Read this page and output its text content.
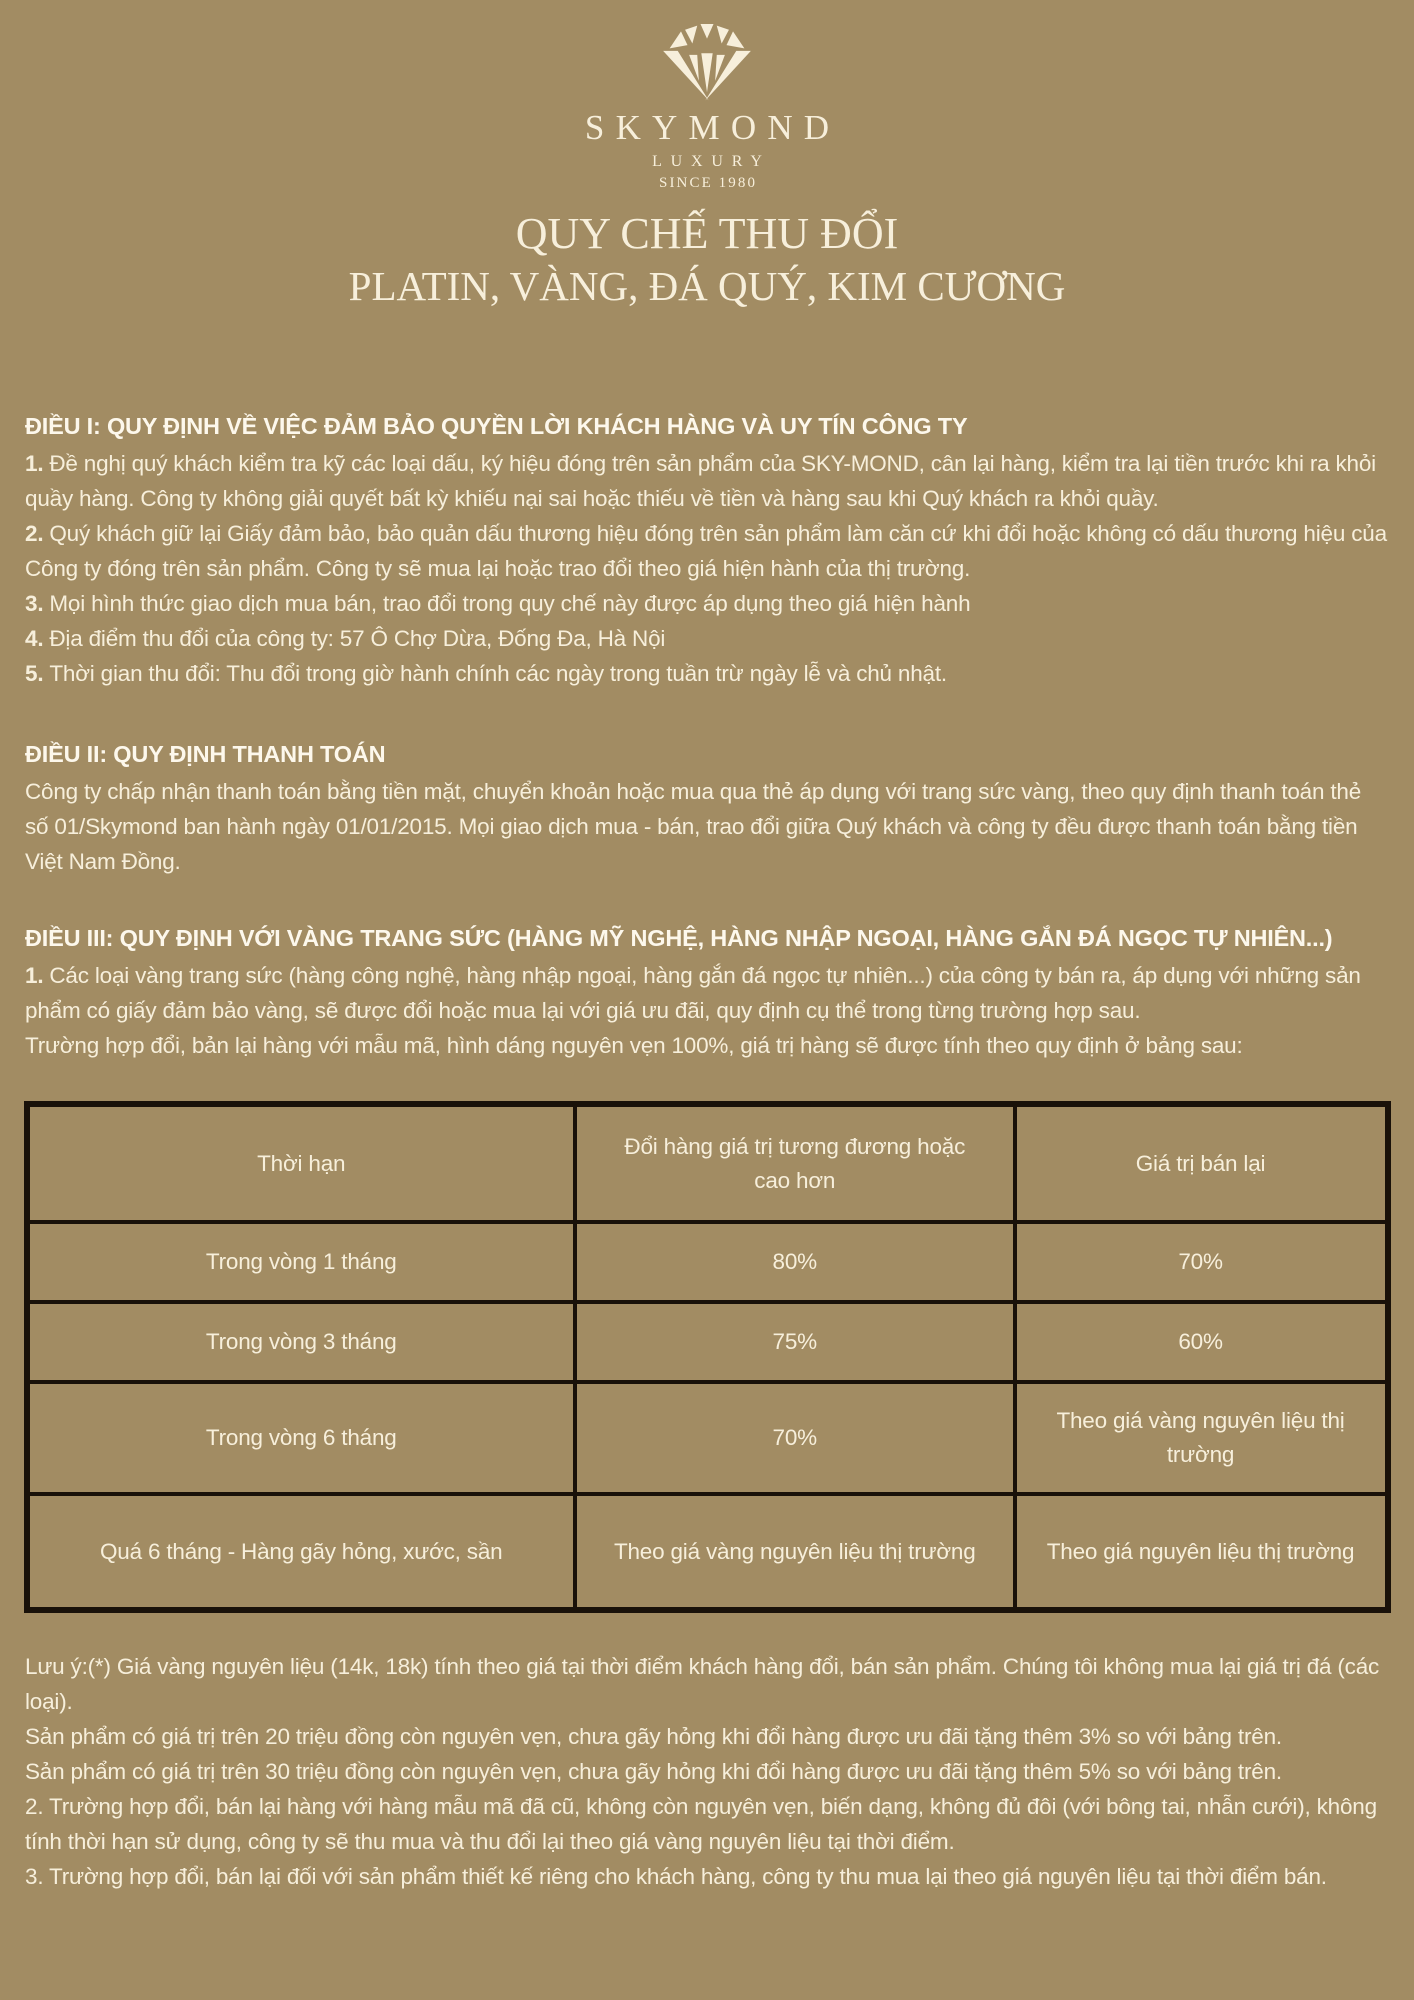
SKYMOND
LUXURY
SINCE 1980
QUY CHẾ THU ĐỔI
PLATIN, VÀNG, ĐÁ QUÝ, KIM CƯƠNG
ĐIỀU I: QUY ĐỊNH VỀ VIỆC ĐẢM BẢO QUYỀN LỜI KHÁCH HÀNG VÀ UY TÍN CÔNG TY

1. Đề nghị quý khách kiểm tra kỹ các loại dấu, ký hiệu đóng trên sản phẩm của SKY-MOND, cân lại hàng, kiểm tra lại tiền trước khi ra khỏi quầy hàng. Công ty không giải quyết bất kỳ khiếu nại sai hoặc thiếu về tiền và hàng sau khi Quý khách ra khỏi quầy.

2. Quý khách giữ lại Giấy đảm bảo, bảo quản dấu thương hiệu đóng trên sản phẩm làm căn cứ khi đổi hoặc không có dấu thương hiệu của Công ty đóng trên sản phẩm. Công ty sẽ mua lại hoặc trao đổi theo giá hiện hành của thị trường.

3. Mọi hình thức giao dịch mua bán, trao đổi trong quy chế này được áp dụng theo giá hiện hành

4. Địa điểm thu đổi của công ty: 57 Ô Chợ Dừa, Đống Đa, Hà Nội

5. Thời gian thu đổi: Thu đổi trong giờ hành chính các ngày trong tuần trừ ngày lễ và chủ nhật.

ĐIỀU II: QUY ĐỊNH THANH TOÁN

Công ty chấp nhận thanh toán bằng tiền mặt, chuyển khoản hoặc mua qua thẻ áp dụng với trang sức vàng, theo quy định thanh toán thẻ số 01/Skymond ban hành ngày 01/01/2015. Mọi giao dịch mua - bán, trao đổi giữa Quý khách và công ty đều được thanh toán bằng tiền Việt Nam Đồng.

ĐIỀU III: QUY ĐỊNH VỚI VÀNG TRANG SỨC (HÀNG MỸ NGHỆ, HÀNG NHẬP NGOẠI, HÀNG GẮN ĐÁ NGỌC TỰ NHIÊN...)

1. Các loại vàng trang sức (hàng công nghệ, hàng nhập ngoại, hàng gắn đá ngọc tự nhiên...) của công ty bán ra, áp dụng với những sản phẩm có giấy đảm bảo vàng, sẽ được đổi hoặc mua lại với giá ưu đãi, quy định cụ thể trong từng trường hợp sau.

Trường hợp đổi, bản lại hàng với mẫu mã, hình dáng nguyên vẹn 100%, giá trị hàng sẽ được tính theo quy định ở bảng sau:

Thời hạn	Đổi hàng giá trị tương đương hoặc cao hơn	Giá trị bán lại
Trong vòng 1 tháng	80%	70%
Trong vòng 3 tháng	75%	60%
Trong vòng 6 tháng	70%	Theo giá vàng nguyên liệu thị trường
Quá 6 tháng - Hàng gãy hỏng, xước, sần	Theo giá vàng nguyên liệu thị trường	Theo giá nguyên liệu thị trường

Lưu ý:(*) Giá vàng nguyên liệu (14k, 18k) tính theo giá tại thời điểm khách hàng đổi, bán sản phẩm. Chúng tôi không mua lại giá trị đá (các loại).

Sản phẩm có giá trị trên 20 triệu đồng còn nguyên vẹn, chưa gãy hỏng khi đổi hàng được ưu đãi tặng thêm 3% so với bảng trên.

Sản phẩm có giá trị trên 30 triệu đồng còn nguyên vẹn, chưa gãy hỏng khi đổi hàng được ưu đãi tặng thêm 5% so với bảng trên.

2. Trường hợp đổi, bán lại hàng với hàng mẫu mã đã cũ, không còn nguyên vẹn, biến dạng, không đủ đôi (với bông tai, nhẫn cưới), không tính thời hạn sử dụng, công ty sẽ thu mua và thu đổi lại theo giá vàng nguyên liệu tại thời điểm.

3. Trường hợp đổi, bán lại đối với sản phẩm thiết kế riêng cho khách hàng, công ty thu mua lại theo giá nguyên liệu tại thời điểm bán.
